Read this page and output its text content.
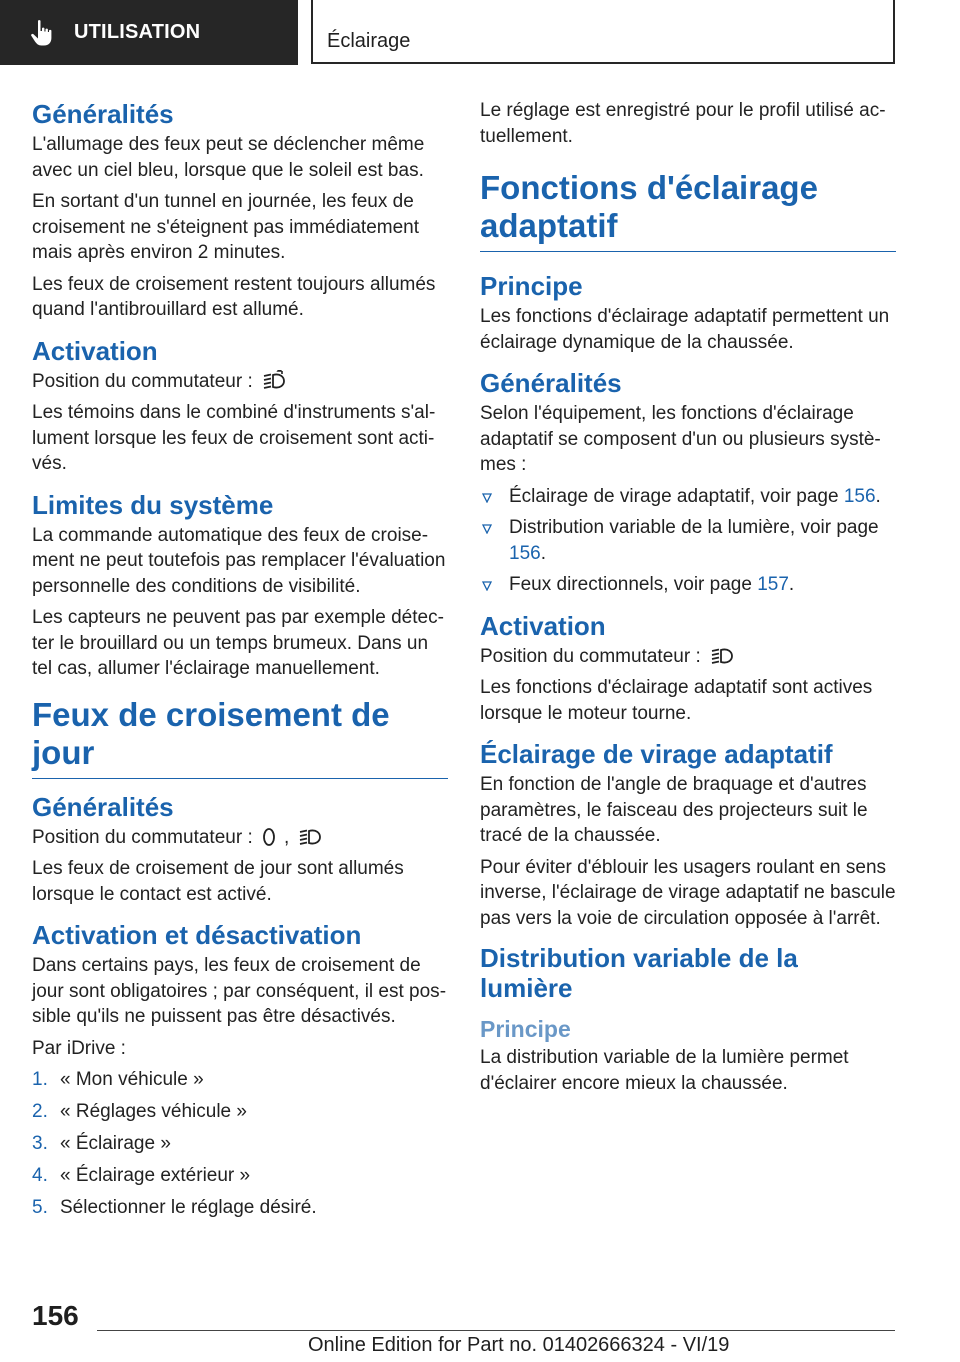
UTILISATION	Éclairage
Généralités

L'allumage des feux peut se déclencher même avec un ciel bleu, lorsque que le soleil est bas.

En sortant d'un tunnel en journée, les feux de croisement ne s'éteignent pas immédiatement mais après environ 2 minutes.

Les feux de croisement restent toujours allumés quand l'antibrouillard est allumé.

Activation

Position du commutateur :

Les témoins dans le combiné d'instruments s'allument lorsque les feux de croisement sont activés.

Limites du système

La commande automatique des feux de croisement ne peut toutefois pas remplacer l'évaluation personnelle des conditions de visibilité.

Les capteurs ne peuvent pas par exemple détecter le brouillard ou un temps brumeux. Dans un tel cas, allumer l'éclairage manuellement.

Feux de croisement de jour
Généralités

Position du commutateur : ,

Les feux de croisement de jour sont allumés lorsque le contact est activé.

Activation et désactivation

Dans certains pays, les feux de croisement de jour sont obligatoires ; par conséquent, il est possible qu'ils ne puissent pas être désactivés.

Par iDrive :

1. « Mon véhicule »
2. « Réglages véhicule »
3. « Éclairage »
4. « Éclairage extérieur »
5. Sélectionner le réglage désiré.

Le réglage est enregistré pour le profil utilisé actuellement.

Fonctions d'éclairage adaptatif
Principe

Les fonctions d'éclairage adaptatif permettent un éclairage dynamique de la chaussée.

Généralités

Selon l'équipement, les fonctions d'éclairage adaptatif se composent d'un ou plusieurs systèmes :

Éclairage de virage adaptatif, voir page 156.
Distribution variable de la lumière, voir page 156.
Feux directionnels, voir page 157.
Activation

Position du commutateur :

Les fonctions d'éclairage adaptatif sont actives lorsque le moteur tourne.

Éclairage de virage adaptatif

En fonction de l'angle de braquage et d'autres paramètres, le faisceau des projecteurs suit le tracé de la chaussée.

Pour éviter d'éblouir les usagers roulant en sens inverse, l'éclairage de virage adaptatif ne bascule pas vers la voie de circulation opposée à l'arrêt.

Distribution variable de la lumière
Principe

La distribution variable de la lumière permet d'éclairer encore mieux la chaussée.

156
Online Edition for Part no. 01402666324 - VI/19
